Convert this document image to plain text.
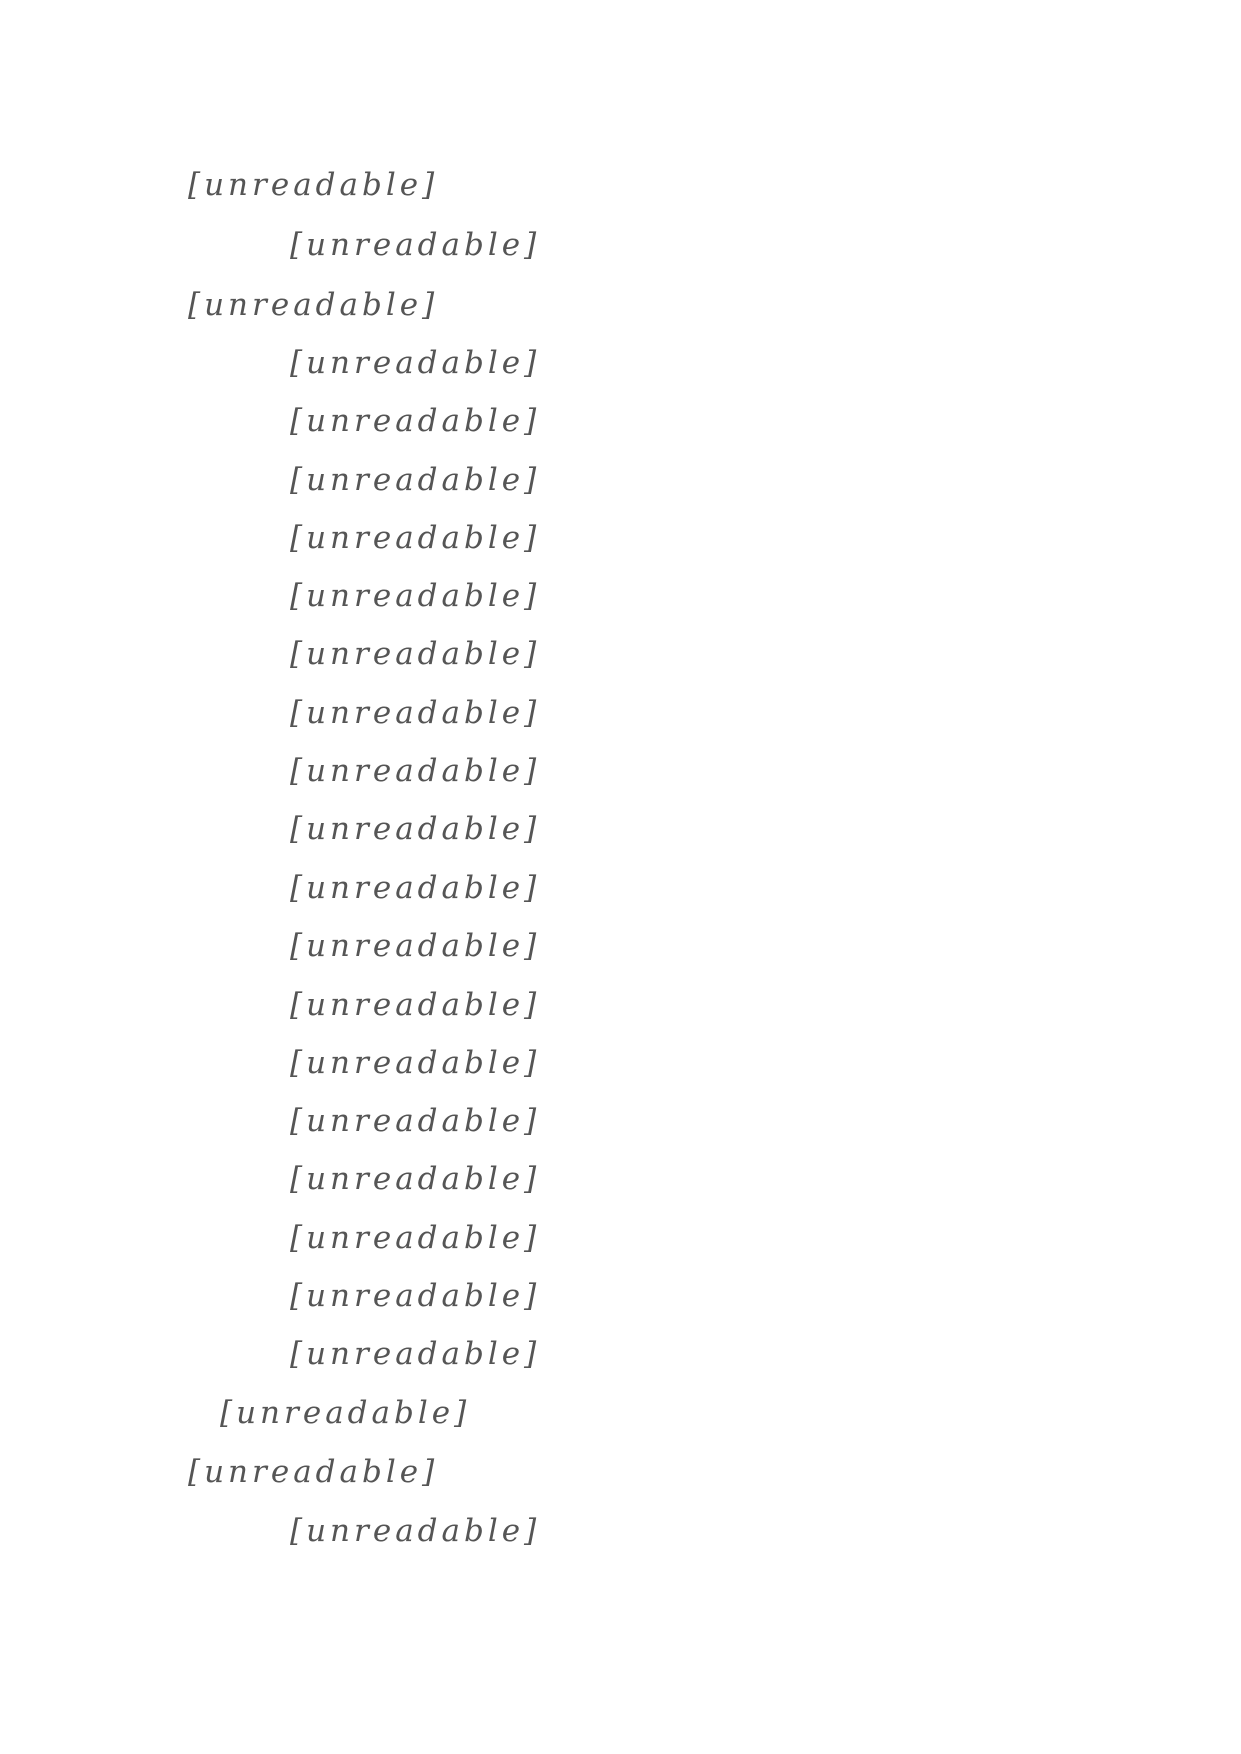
[unreadable]
[unreadable]
[unreadable]
[unreadable]
[unreadable]
[unreadable]
[unreadable]
[unreadable]
[unreadable]
[unreadable]
[unreadable]
[unreadable]
[unreadable]
[unreadable]
[unreadable]
[unreadable]
[unreadable]
[unreadable]
[unreadable]
[unreadable]
[unreadable]
[unreadable]
[unreadable]
[unreadable]
